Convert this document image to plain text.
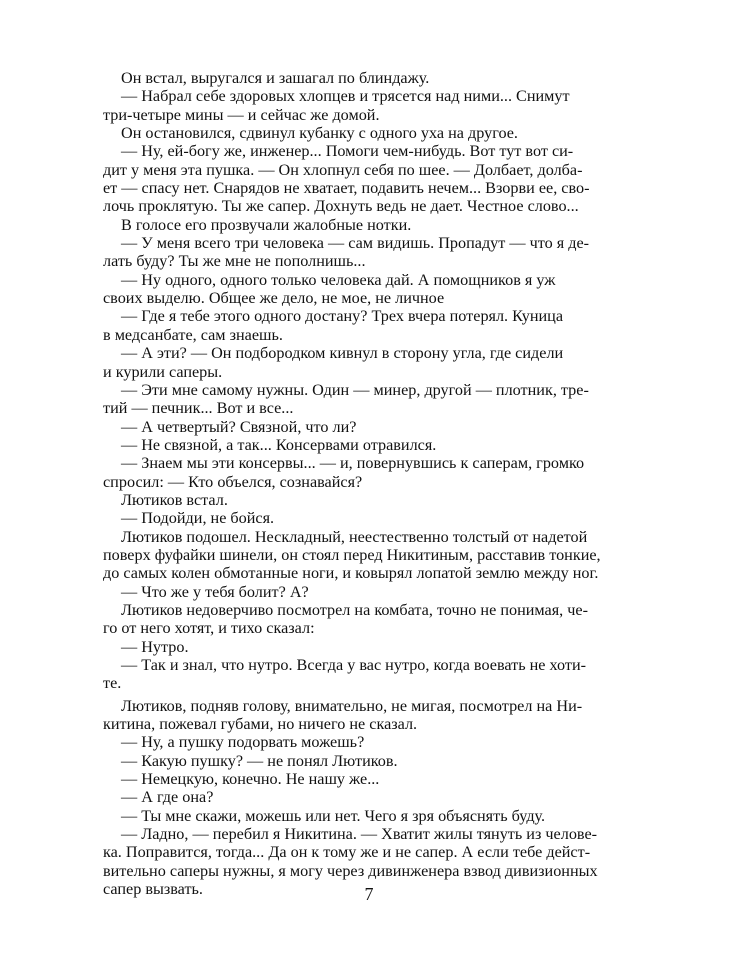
Он встал, выругался и зашагал по блиндажу.
— Набрал себе здоровых хлопцев и трясется над ними... Снимут
три-четыре мины — и сейчас же домой.
Он остановился, сдвинул кубанку с одного уха на другое.
— Ну, ей-богу же, инженер... Помоги чем-нибудь. Вот тут вот си-
дит у меня эта пушка. — Он хлопнул себя по шее. — Долбает, долба-
ет — спасу нет. Снарядов не хватает, подавить нечем... Взорви ее, сво-
лочь проклятую. Ты же сапер. Дохнуть ведь не дает. Честное слово...
В голосе его прозвучали жалобные нотки.
— У меня всего три человека — сам видишь. Пропадут — что я де-
лать буду? Ты же мне не пополнишь...
— Ну одного, одного только человека дай. А помощников я уж
своих выделю. Общее же дело, не мое, не личное
— Где я тебе этого одного достану? Трех вчера потерял. Куница
в медсанбате, сам знаешь.
— А эти? — Он подбородком кивнул в сторону угла, где сидели
и курили саперы.
— Эти мне самому нужны. Один — минер, другой — плотник, тре-
тий — печник... Вот и все...
— А четвертый? Связной, что ли?
— Не связной, а так... Консервами отравился.
— Знаем мы эти консервы... — и, повернувшись к саперам, громко
спросил: — Кто объелся, сознавайся?
Лютиков встал.
— Подойди, не бойся.
Лютиков подошел. Нескладный, неестественно толстый от надетой
поверх фуфайки шинели, он стоял перед Никитиным, расставив тонкие,
до самых колен обмотанные ноги, и ковырял лопатой землю между ног.
— Что же у тебя болит? А?
Лютиков недоверчиво посмотрел на комбата, точно не понимая, че-
го от него хотят, и тихо сказал:
— Нутро.
— Так и знал, что нутро. Всегда у вас нутро, когда воевать не хоти-
те.
Лютиков, подняв голову, внимательно, не мигая, посмотрел на Ни-
китина, пожевал губами, но ничего не сказал.
— Ну, а пушку подорвать можешь?
— Какую пушку? — не понял Лютиков.
— Немецкую, конечно. Не нашу же...
— А где она?
— Ты мне скажи, можешь или нет. Чего я зря объяснять буду.
— Ладно, — перебил я Никитина. — Хватит жилы тянуть из челове-
ка. Поправится, тогда... Да он к тому же и не сапер. А если тебе дейст-
вительно саперы нужны, я могу через дивинженера взвод дивизионных
сапер вызвать.	7
